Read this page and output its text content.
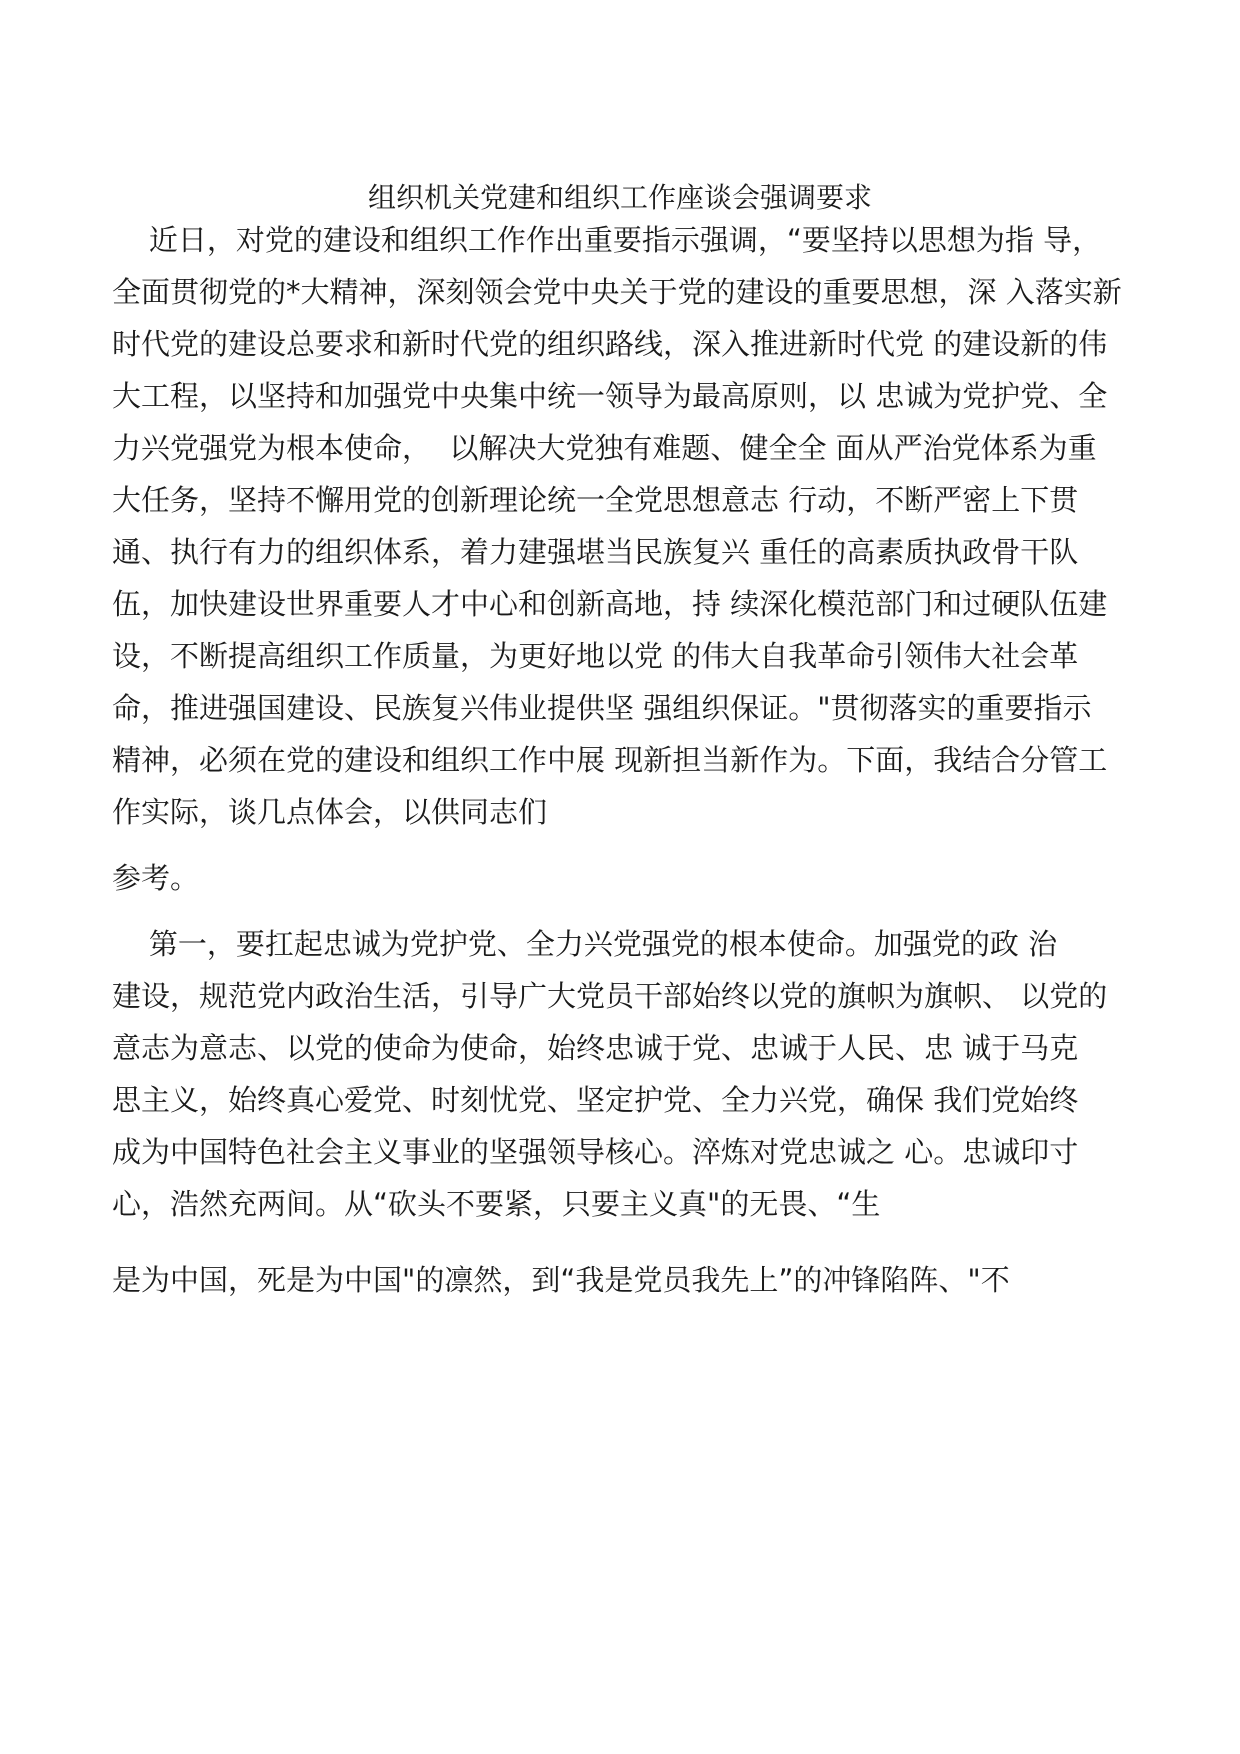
组织机关党建和组织工作座谈会强调要求

近日，对党的建设和组织工作作出重要指示强调，“要坚持以思想为指 导，

全面贯彻党的*大精神，深刻领会党中央关于党的建设的重要思想，深 入落实新

时代党的建设总要求和新时代党的组织路线，深入推进新时代党 的建设新的伟

大工程，以坚持和加强党中央集中统一领导为最高原则，以 忠诚为党护党、全

力兴党强党为根本使命，  以解决大党独有难题、健全全 面从严治党体系为重

大任务，坚持不懈用党的创新理论统一全党思想意志 行动，不断严密上下贯

通、执行有力的组织体系，着力建强堪当民族复兴 重任的高素质执政骨干队

伍，加快建设世界重要人才中心和创新高地，持 续深化模范部门和过硬队伍建

设，不断提高组织工作质量，为更好地以党 的伟大自我革命引领伟大社会革

命，推进强国建设、民族复兴伟业提供坚 强组织保证。"贯彻落实的重要指示

精神，必须在党的建设和组织工作中展 现新担当新作为。下面，我结合分管工

作实际，谈几点体会，以供同志们

参考。

第一，要扛起忠诚为党护党、全力兴党强党的根本使命。加强党的政 治

建设，规范党内政治生活，引导广大党员干部始终以党的旗帜为旗帜、 以党的

意志为意志、以党的使命为使命，始终忠诚于党、忠诚于人民、忠 诚于马克

思主义，始终真心爱党、时刻忧党、坚定护党、全力兴党，确保 我们党始终

成为中国特色社会主义事业的坚强领导核心。淬炼对党忠诚之 心。忠诚印寸

心，浩然充两间。从“砍头不要紧，只要主义真"的无畏、“生

是为中国，死是为中国"的凛然，到“我是党员我先上”的冲锋陷阵、"不
